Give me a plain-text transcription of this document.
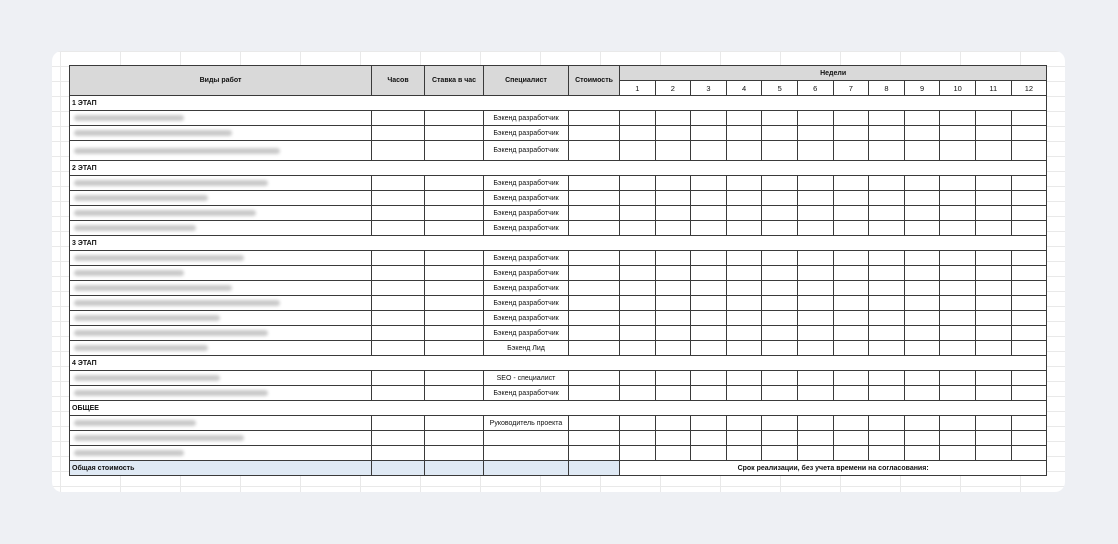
Виды работ	Часов	Ставка в час	Специалист	Стоимость	Недели											
					1	2	3	4	5	6	7	8	9	10	11	12
1 ЭТАП																

			Бэкенд разработчик													

			Бэкенд разработчик													

			Бэкенд разработчик													
2 ЭТАП																

			Бэкенд разработчик													

			Бэкенд разработчик													

			Бэкенд разработчик													

			Бэкенд разработчик													
3 ЭТАП																

			Бэкенд разработчик													

			Бэкенд разработчик													

			Бэкенд разработчик													

			Бэкенд разработчик													

			Бэкенд разработчик													

			Бэкенд разработчик													

			Бэкенд Лид													
4 ЭТАП																

			SEO - специалист													

			Бэкенд разработчик													
ОБЩЕЕ																

			Руководитель проекта													

Общая стоимость					Срок реализации, без учета времени на согласования:											
